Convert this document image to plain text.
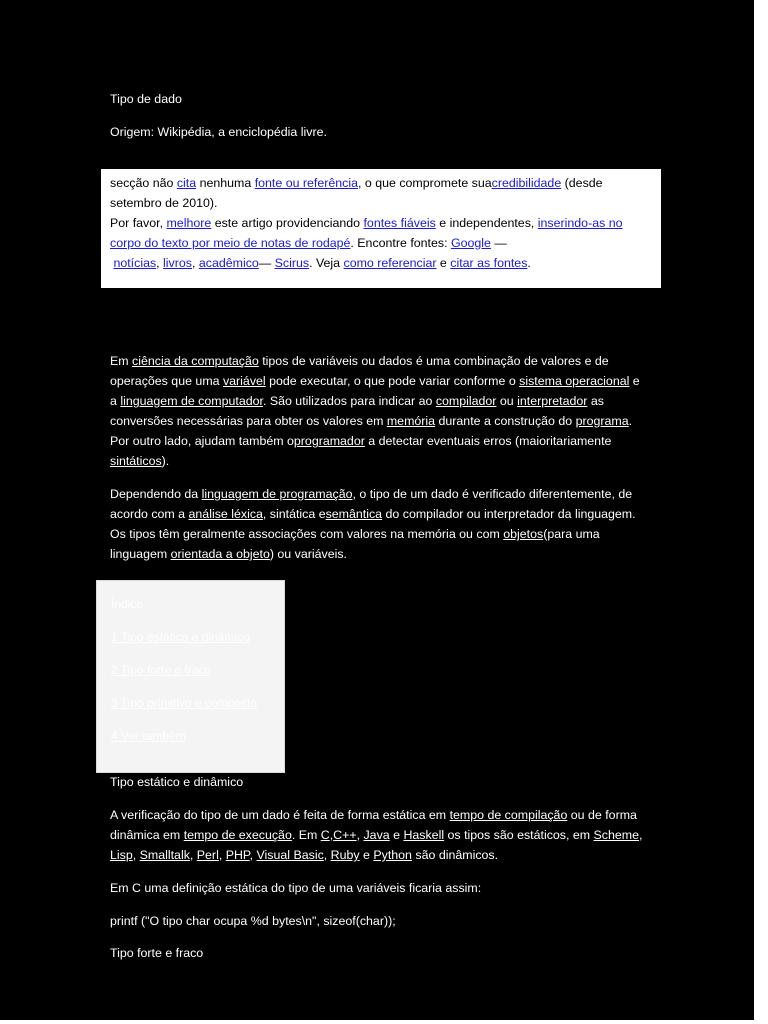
Tipo de dado

Origem: Wikipédia, a enciclopédia livre.

secção não cita nenhuma fonte ou referência, o que compromete suacredibilidade (desde setembro de 2010).
Por favor, melhore este artigo providenciando fontes fiáveis e independentes, inserindo-as no corpo do texto por meio de notas de rodapé. Encontre fontes: Google —
notícias, livros, acadêmico— Scirus. Veja como referenciar e citar as fontes.

Em ciência da computação tipos de variáveis ou dados é uma combinação de valores e de operações que uma variável pode executar, o que pode variar conforme o sistema operacional e a linguagem de computador. São utilizados para indicar ao compilador ou interpretador as conversões necessárias para obter os valores em memória durante a construção do programa. Por outro lado, ajudam também oprogramador a detectar eventuais erros (maioritariamente sintáticos).

Dependendo da linguagem de programação, o tipo de um dado é verificado diferentemente, de acordo com a análise léxica, sintática esemântica do compilador ou interpretador da linguagem. Os tipos têm geralmente associações com valores na memória ou com objetos(para uma linguagem orientada a objeto) ou variáveis.

Índice
1 Tipo estático e dinâmico
2 Tipo forte e fraco
3 Tipo primitivo e composto
4 Ver também

Tipo estático e dinâmico

A verificação do tipo de um dado é feita de forma estática em tempo de compilação ou de forma dinâmica em tempo de execução. Em C,C++, Java e Haskell os tipos são estáticos, em Scheme, Lisp, Smalltalk, Perl, PHP, Visual Basic, Ruby e Python são dinâmicos.

Em C uma definição estática do tipo de uma variáveis ficaria assim:

printf ("O tipo char ocupa %d bytes\n", sizeof(char));

Tipo forte e fraco
